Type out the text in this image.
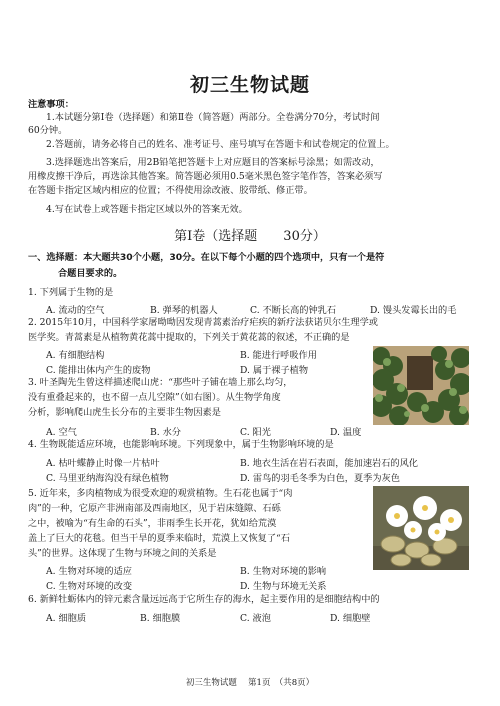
初三生物试题
注意事项：
1.本试题分第Ⅰ卷（选择题）和第Ⅱ卷（简答题）两部分。全卷满分70分，考试时间
60分钟。
2.答题前，请务必将自己的姓名、准考证号、座号填写在答题卡和试卷规定的位置上。
3.选择题选出答案后，用2B铅笔把答题卡上对应题目的答案标号涂黑；如需改动，
用橡皮擦干净后，再选涂其他答案。简答题必须用0.5毫米黑色签字笔作答，答案必须写
在答题卡指定区域内相应的位置；不得使用涂改液、胶带纸、修正带。
4.写在试卷上或答题卡指定区域以外的答案无效。
第Ⅰ卷（选择题　　30分）
一、选择题：本大题共30个小题，30分。在以下每个小题的四个选项中，只有一个是符
合题目要求的。
1. 下列属于生物的是
A. 流动的空气	B. 弹琴的机器人	C. 不断长高的钟乳石	D. 馒头发霉长出的毛
2. 2015年10月，中国科学家屠呦呦因发现青蒿素治疗疟疾的新疗法获诺贝尔生理学或
医学奖。青蒿素是从植物黄花蒿中提取的，下列关于黄花蒿的叙述，不正确的是
A. 有细胞结构	B. 能进行呼吸作用
C. 能排出体内产生的废物	D. 属于裸子植物
3. 叶圣陶先生曾这样描述爬山虎：“那些叶子铺在墙上那么均匀，
没有重叠起来的，也不留一点儿空隙”（如右图）。从生物学角度
分析，影响爬山虎生长分布的主要非生物因素是
A. 空气	B. 水分	C. 阳光	D. 温度
4. 生物既能适应环境，也能影响环境。下列现象中，属于生物影响环境的是
A. 枯叶蝶静止时像一片枯叶	B. 地衣生活在岩石表面，能加速岩石的风化
C. 马里亚纳海沟没有绿色植物	D. 雷鸟的羽毛冬季为白色，夏季为灰色
5. 近年来，多肉植物成为很受欢迎的观赏植物。生石花也属于“肉
肉”的一种，它原产非洲南部及西南地区，见于岩床缝隙、石砾
之中，被喻为“有生命的石头”，非雨季生长开花，犹如给荒漠
盖上了巨大的花毯。但当干旱的夏季来临时，荒漠上又恢复了“石
头”的世界。这体现了生物与环境之间的关系是
A. 生物对环境的适应	B. 生物对环境的影响
C. 生物对环境的改变	D. 生物与环境无关系
6. 新鲜牡蛎体内的锌元素含量远远高于它所生存的海水，起主要作用的是细胞结构中的
A. 细胞质	B. 细胞膜	C. 液泡	D. 细胞壁
初三生物试题　 第1页　（共8页）
